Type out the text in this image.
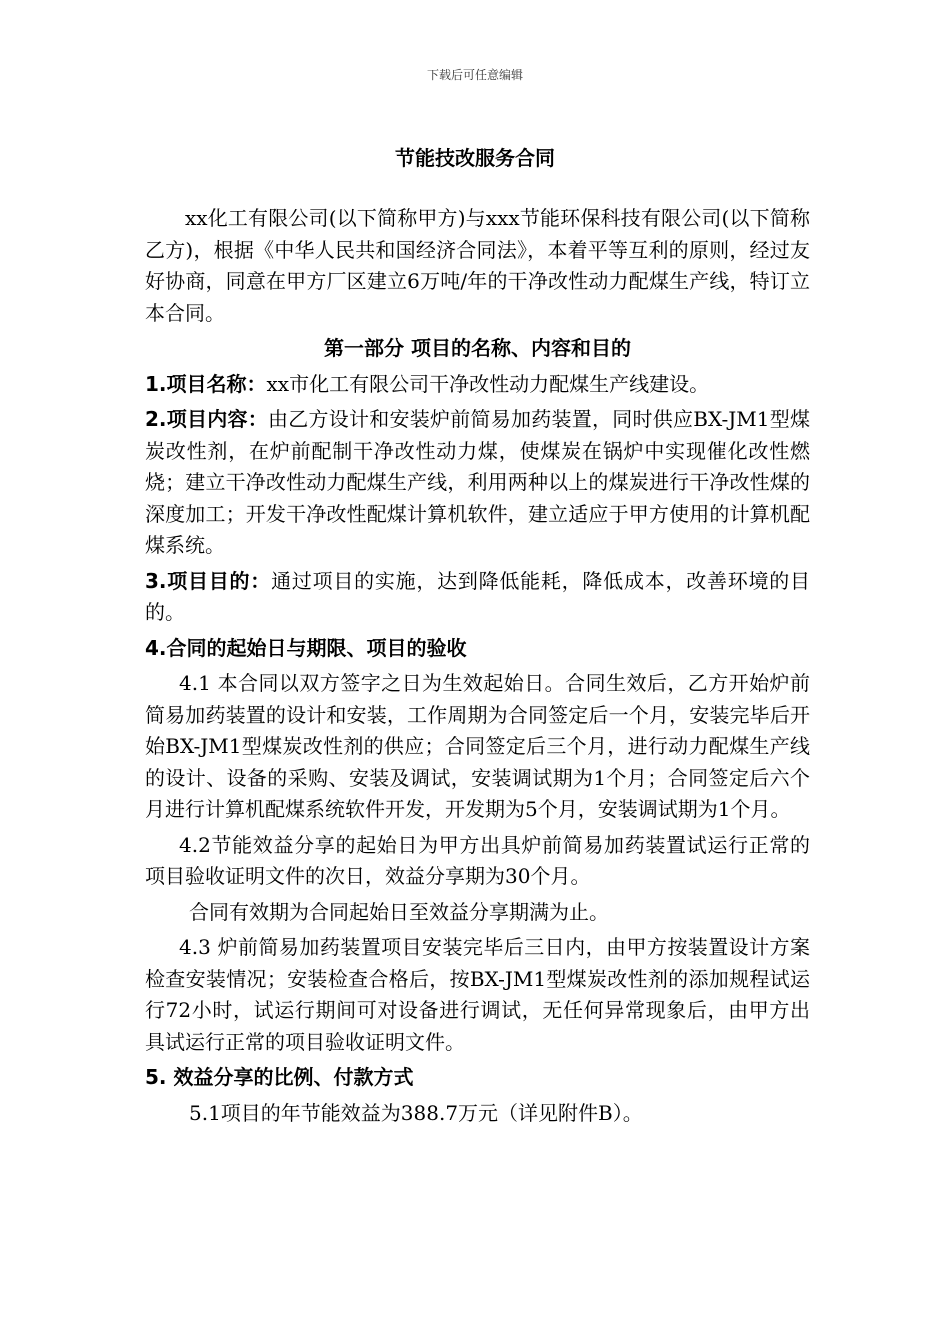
下载后可任意编辑
节能技改服务合同

xx化工有限公司(以下简称甲方)与xxx节能环保科技有限公司(以下简称乙方)，根据《中华人民共和国经济合同法》，本着平等互利的原则，经过友好协商，同意在甲方厂区建立6万吨/年的干净改性动力配煤生产线，特订立本合同。

第一部分 项目的名称、内容和目的

1.项目名称：xx市化工有限公司干净改性动力配煤生产线建设。

2.项目内容：由乙方设计和安装炉前简易加药装置，同时供应BX-JM1型煤炭改性剂，在炉前配制干净改性动力煤，使煤炭在锅炉中实现催化改性燃烧；建立干净改性动力配煤生产线，利用两种以上的煤炭进行干净改性煤的深度加工；开发干净改性配煤计算机软件，建立适应于甲方使用的计算机配煤系统。

3.项目目的：通过项目的实施，达到降低能耗，降低成本，改善环境的目的。

4.合同的起始日与期限、项目的验收

4.1 本合同以双方签字之日为生效起始日。合同生效后，乙方开始炉前简易加药装置的设计和安装，工作周期为合同签定后一个月，安装完毕后开始BX-JM1型煤炭改性剂的供应；合同签定后三个月，进行动力配煤生产线的设计、设备的采购、安装及调试，安装调试期为1个月；合同签定后六个月进行计算机配煤系统软件开发，开发期为5个月，安装调试期为1个月。

4.2节能效益分享的起始日为甲方出具炉前简易加药装置试运行正常的项目验收证明文件的次日，效益分享期为30个月。

合同有效期为合同起始日至效益分享期满为止。

4.3 炉前简易加药装置项目安装完毕后三日内，由甲方按装置设计方案检查安装情况；安装检查合格后，按BX-JM1型煤炭改性剂的添加规程试运行72小时，试运行期间可对设备进行调试，无任何异常现象后，由甲方出具试运行正常的项目验收证明文件。

5. 效益分享的比例、付款方式

5.1项目的年节能效益为388.7万元（详见附件B）。
